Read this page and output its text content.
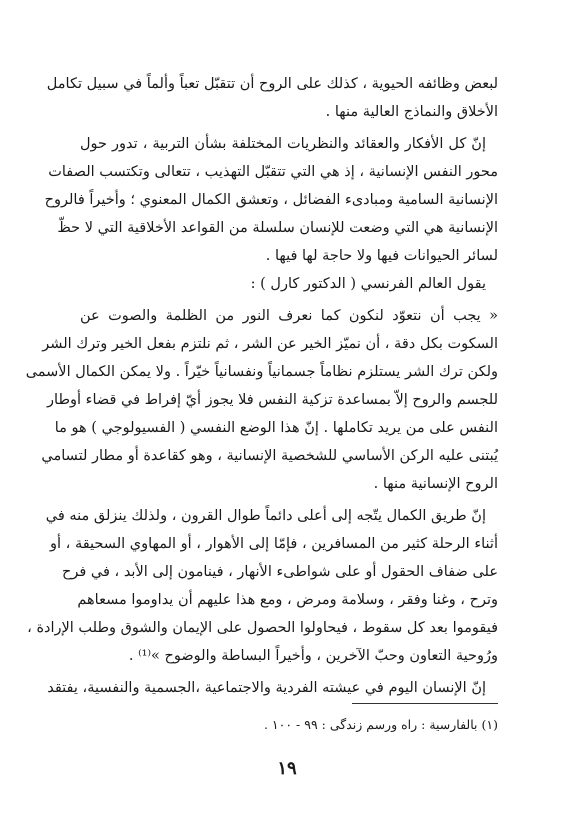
لبعض وظائفه الحيوية ، كذلك على الروح أن تتقبّل تعباً وألماً في سبيل تكامل
الأخلاق والنماذج العالية منها .
إنّ كل الأفكار والعقائد والنظريات المختلفة بشأن التربية ، تدور حول
محور النفس الإنسانية ، إذ هي التي تتقبّل التهذيب ، تتعالى وتكتسب الصفات
الإنسانية السامية ومبادىء الفضائل ، وتعشق الكمال المعنوي ؛ وأخيراً فالروح
الإنسانية هي التي وضعت للإنسان سلسلة من القواعد الأخلاقية التي لا حظّ
لسائر الحيوانات فيها ولا حاجة لها فيها .
يقول العالم الفرنسي ( الدكتور كارل ) :
« يجب أن نتعوّد لنكون كما نعرف النور من الظلمة والصوت عن
السكوت بكل دقة ، أن نميّز الخير عن الشر ، ثم نلتزم بفعل الخير وترك الشر
ولكن ترك الشر يستلزم نظاماً جسمانياً ونفسانياً خيّراً . ولا يمكن الكمال الأسمى
للجسم والروح إلاّ بمساعدة تزكية النفس فلا يجوز أيّ إفراط في قضاء أوطار
النفس على من يريد تكاملها . إنّ هذا الوضع النفسي ( الفسيولوجي ) هو ما
يُبتنى عليه الركن الأساسي للشخصية الإنسانية ، وهو كقاعدة أو مطار لتسامي
الروح الإنسانية منها .
إنّ طريق الكمال يتّجه إلى أعلى دائماً طوال القرون ، ولذلك ينزلق منه في
أثناء الرحلة كثير من المسافرين ، فإمّا إلى الأهوار ، أو المهاوي السحيقة ، أو
على ضفاف الحقول أو على شواطىء الأنهار ، فينامون إلى الأبد ، في فرح
وترح ، وغنا وفقر ، وسلامة ومرض ، ومع هذا عليهم أن يداوموا مسعاهم
فيقوموا بعد كل سقوط ، فيحاولوا الحصول على الإيمان والشوق وطلب الإرادة ،
ورُوحية التعاون وحبّ الآخرين ، وأخيراً البساطة والوضوح »⁽¹⁾ .
إنّ الإنسان اليوم في عيشته الفردية والاجتماعية ،الجسمية والنفسية، يفتقد
(١) بالفارسية : راه ورسم زندگی : ٩٩ - ١٠٠ .
١٩
